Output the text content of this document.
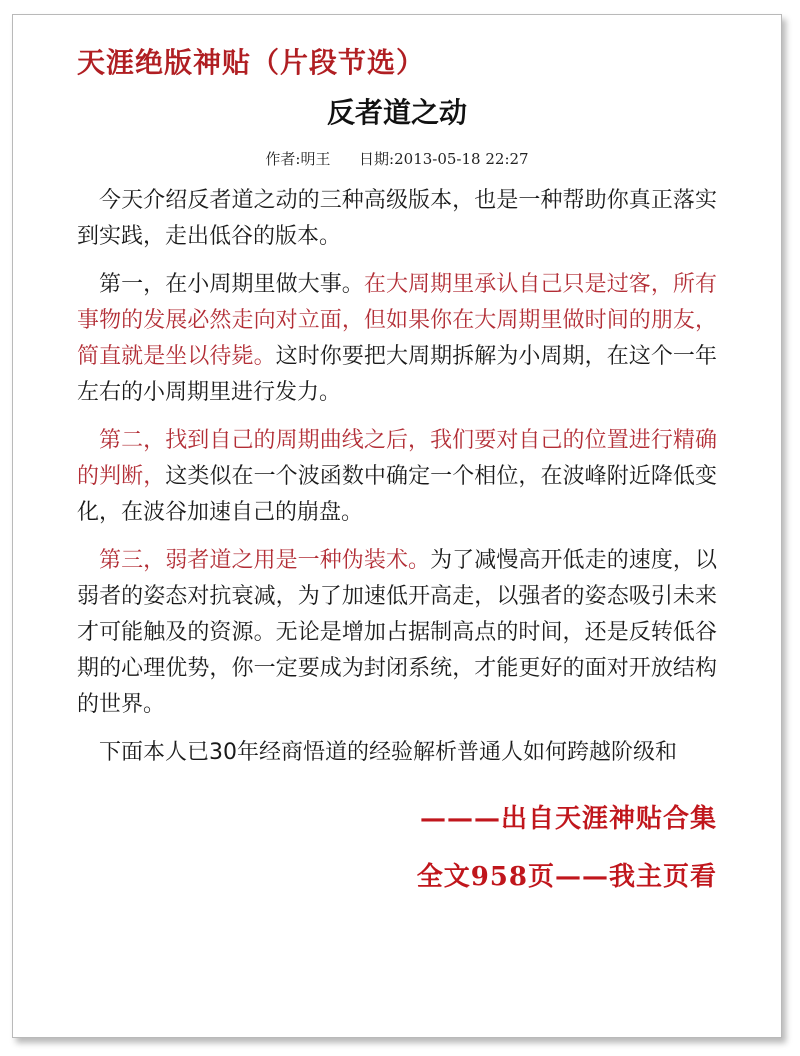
天涯绝版神贴（片段节选）
反者道之动
作者:明王      日期:2013-05-18 22:27

今天介绍反者道之动的三种高级版本，也是一种帮助你真正落实到实践，走出低谷的版本。

第一，在小周期里做大事。在大周期里承认自己只是过客，所有事物的发展必然走向对立面，但如果你在大周期里做时间的朋友，简直就是坐以待毙。这时你要把大周期拆解为小周期，在这个一年左右的小周期里进行发力。

第二，找到自己的周期曲线之后，我们要对自己的位置进行精确的判断，这类似在一个波函数中确定一个相位，在波峰附近降低变化，在波谷加速自己的崩盘。

第三，弱者道之用是一种伪装术。为了减慢高开低走的速度，以弱者的姿态对抗衰减，为了加速低开高走，以强者的姿态吸引未来才可能触及的资源。无论是增加占据制高点的时间，还是反转低谷期的心理优势，你一定要成为封闭系统，才能更好的面对开放结构的世界。

下面本人已30年经商悟道的经验解析普通人如何跨越阶级和

———出自天涯神贴合集
全文958页——我主页看
